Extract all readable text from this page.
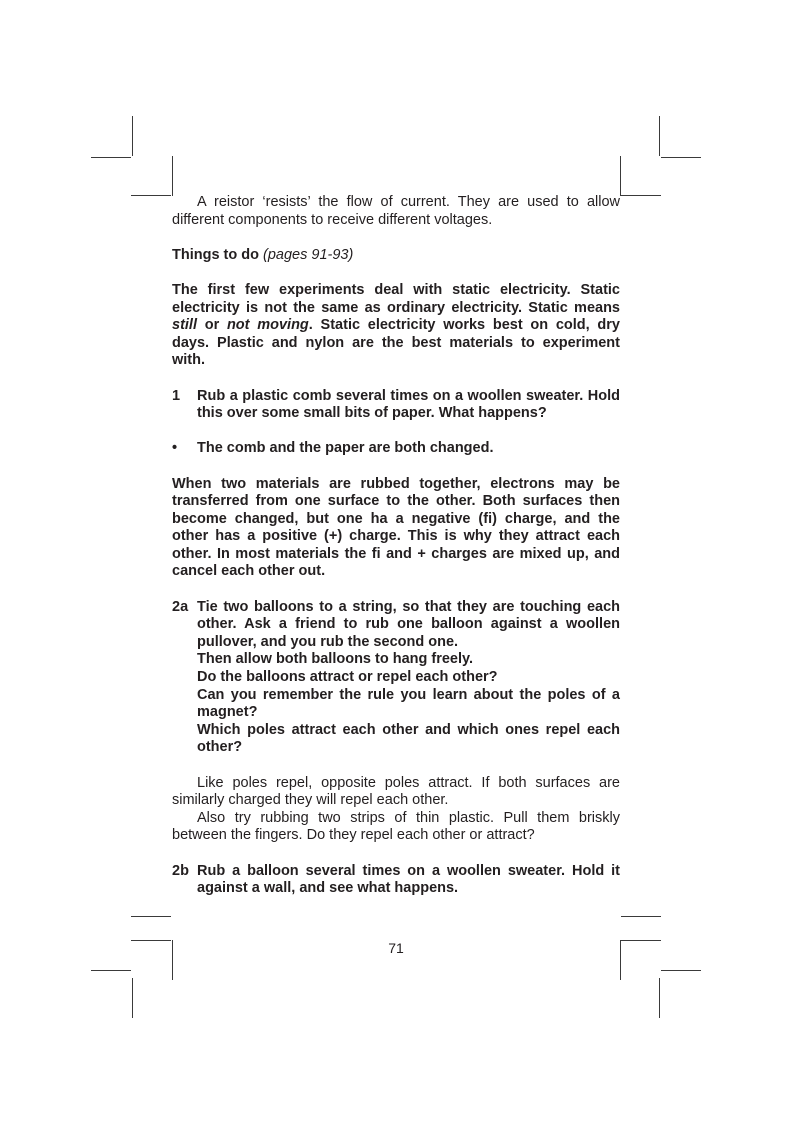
A reistor ‘resists’ the flow of current. They are used to allow different components to receive different voltages.

Things to do (pages 91-93)

The first few experiments deal with static electricity. Static electricity is not the same as ordinary electricity. Static means still or not moving. Static electricity works best on cold, dry days. Plastic and nylon are the best materials to experiment with.

1	Rub a plastic comb several times on a woollen sweater. Hold this over some small bits of paper. What happens?
•	The comb and the paper are both changed.

When two materials are rubbed together, electrons may be transferred from one surface to the other. Both surfaces then become changed, but one ha a negative (ﬁ) charge, and the other has a positive (+) charge. This is why they attract each other. In most materials the ﬁ and + charges are mixed up, and cancel each other out.

2a Tie two balloons to a string, so that they are touching each other. Ask a friend to rub one balloon against a woollen pullover, and you rub the second one.
Then allow both balloons to hang freely.
Do the balloons attract or repel each other?
Can you remember the rule you learn about the poles of a magnet?
Which poles attract each other and which ones repel each other?

Like poles repel, opposite poles attract. If both surfaces are similarly charged they will repel each other.

Also try rubbing two strips of thin plastic. Pull them briskly between the fingers. Do they repel each other or attract?

2b Rub a balloon several times on a woollen sweater. Hold it against a wall, and see what happens.
71
